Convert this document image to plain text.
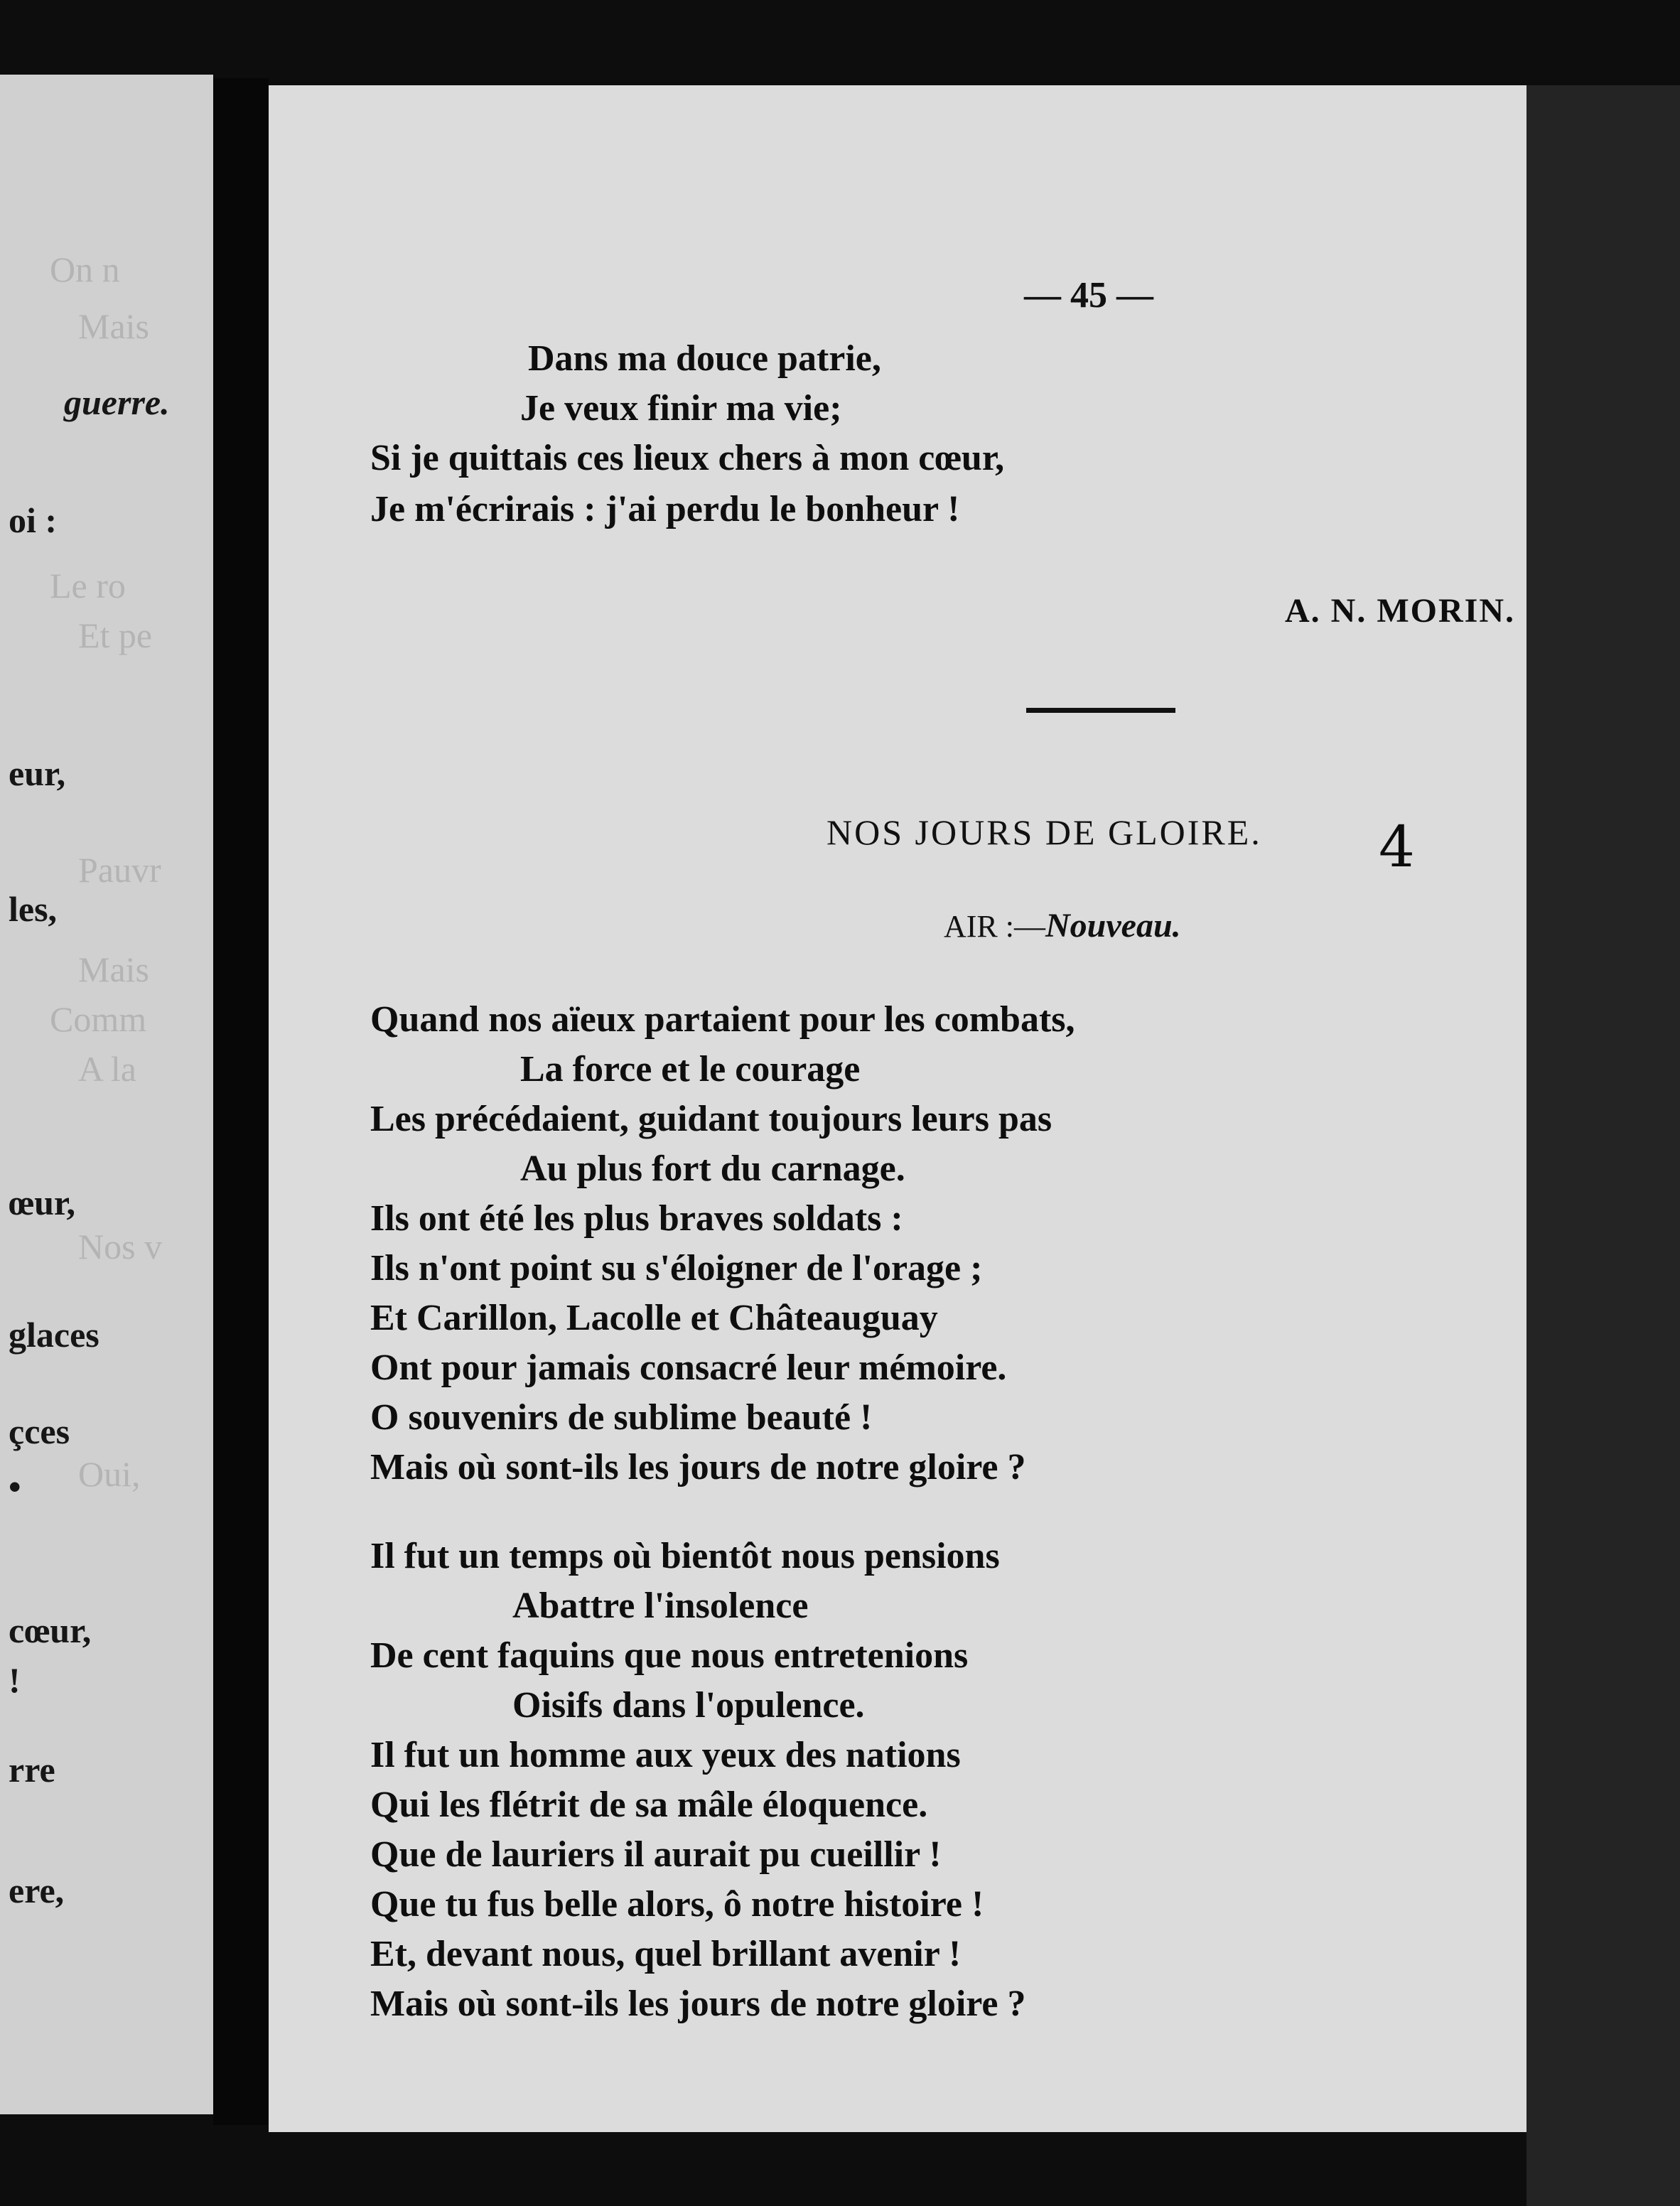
On n
Mais
guerre.
oi :
Le ro
Et pe
eur,
Pauvr
les,
Mais
Comm
A la
œur,
Nos v
glaces
çces
• Oui,
cœur,
!
rre
ere,
— 45 —
Dans ma douce patrie,
Je veux finir ma vie;
Si je quittais ces lieux chers à mon cœur,
Je m'écrirais : j'ai perdu le bonheur !
A. N. MORIN.
NOS JOURS DE GLOIRE.
AIR :—Nouveau.
Quand nos aïeux partaient pour les combats,
La force et le courage
Les précédaient, guidant toujours leurs pas
Au plus fort du carnage.
Ils ont été les plus braves soldats :
Ils n'ont point su s'éloigner de l'orage ;
Et Carillon, Lacolle et Châteauguay
Ont pour jamais consacré leur mémoire.
O souvenirs de sublime beauté !
Mais où sont-ils les jours de notre gloire ?
Il fut un temps où bientôt nous pensions
Abattre l'insolence
De cent faquins que nous entretenions
Oisifs dans l'opulence.
Il fut un homme aux yeux des nations
Qui les flétrit de sa mâle éloquence.
Que de lauriers il aurait pu cueillir !
Que tu fus belle alors, ô notre histoire !
Et, devant nous, quel brillant avenir !
Mais où sont-ils les jours de notre gloire ?
4
